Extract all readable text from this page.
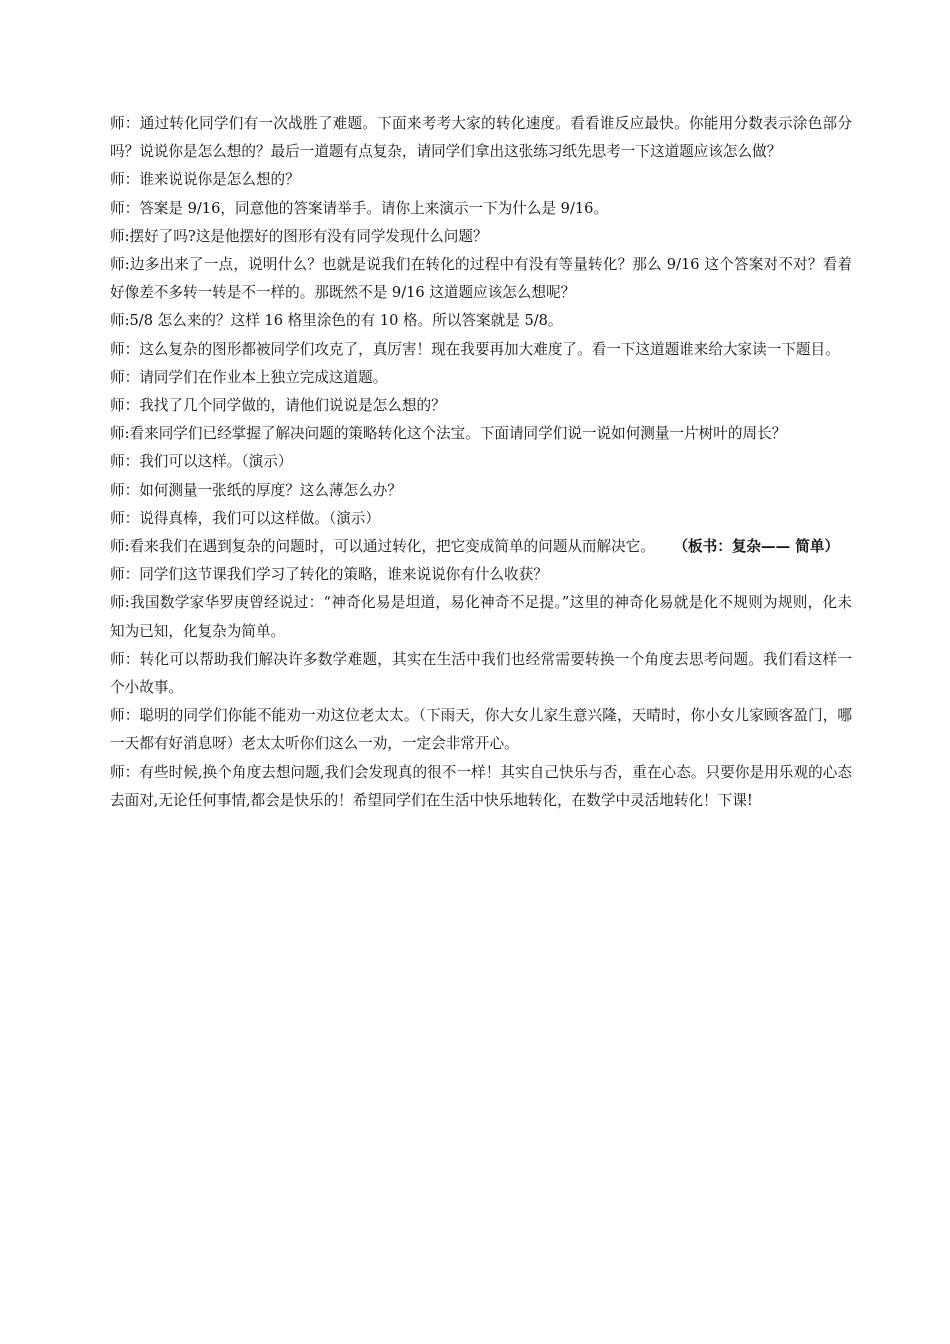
师：通过转化同学们有一次战胜了难题。下面来考考大家的转化速度。看看谁反应最快。你能用分数表示涂色部分吗？说说你是怎么想的？最后一道题有点复杂，请同学们拿出这张练习纸先思考一下这道题应该怎么做？

师：谁来说说你是怎么想的？

师：答案是 9/16，同意他的答案请举手。请你上来演示一下为什么是 9/16。

师:摆好了吗?这是他摆好的图形有没有同学发现什么问题？

师:边多出来了一点，说明什么？也就是说我们在转化的过程中有没有等量转化？那么 9/16 这个答案对不对？看着好像差不多转一转是不一样的。那既然不是 9/16 这道题应该怎么想呢？

师:5/8 怎么来的？这样 16 格里涂色的有 10 格。所以答案就是 5/8。

师：这么复杂的图形都被同学们攻克了，真厉害！现在我要再加大难度了。看一下这道题谁来给大家读一下题目。

师：请同学们在作业本上独立完成这道题。

师：我找了几个同学做的，请他们说说是怎么想的？

师:看来同学们已经掌握了解决问题的策略转化这个法宝。下面请同学们说一说如何测量一片树叶的周长？

师：我们可以这样。（演示）

师：如何测量一张纸的厚度？这么薄怎么办？

师：说得真棒，我们可以这样做。（演示）

师:看来我们在遇到复杂的问题时，可以通过转化，把它变成简单的问题从而解决它。 （板书：复杂—— 简单）

师：同学们这节课我们学习了转化的策略，谁来说说你有什么收获？

师:我国数学家华罗庚曾经说过：“神奇化易是坦道，易化神奇不足提。”这里的神奇化易就是化不规则为规则，化未知为已知，化复杂为简单。

师：转化可以帮助我们解决许多数学难题，其实在生活中我们也经常需要转换一个角度去思考问题。我们看这样一个小故事。

师：聪明的同学们你能不能劝一劝这位老太太。（下雨天，你大女儿家生意兴隆，天晴时，你小女儿家顾客盈门，哪一天都有好消息呀）老太太听你们这么一劝，一定会非常开心。

师：有些时候,换个角度去想问题,我们会发现真的很不一样！其实自己快乐与否，重在心态。只要你是用乐观的心态去面对,无论任何事情,都会是快乐的！希望同学们在生活中快乐地转化，在数学中灵活地转化！下课!
